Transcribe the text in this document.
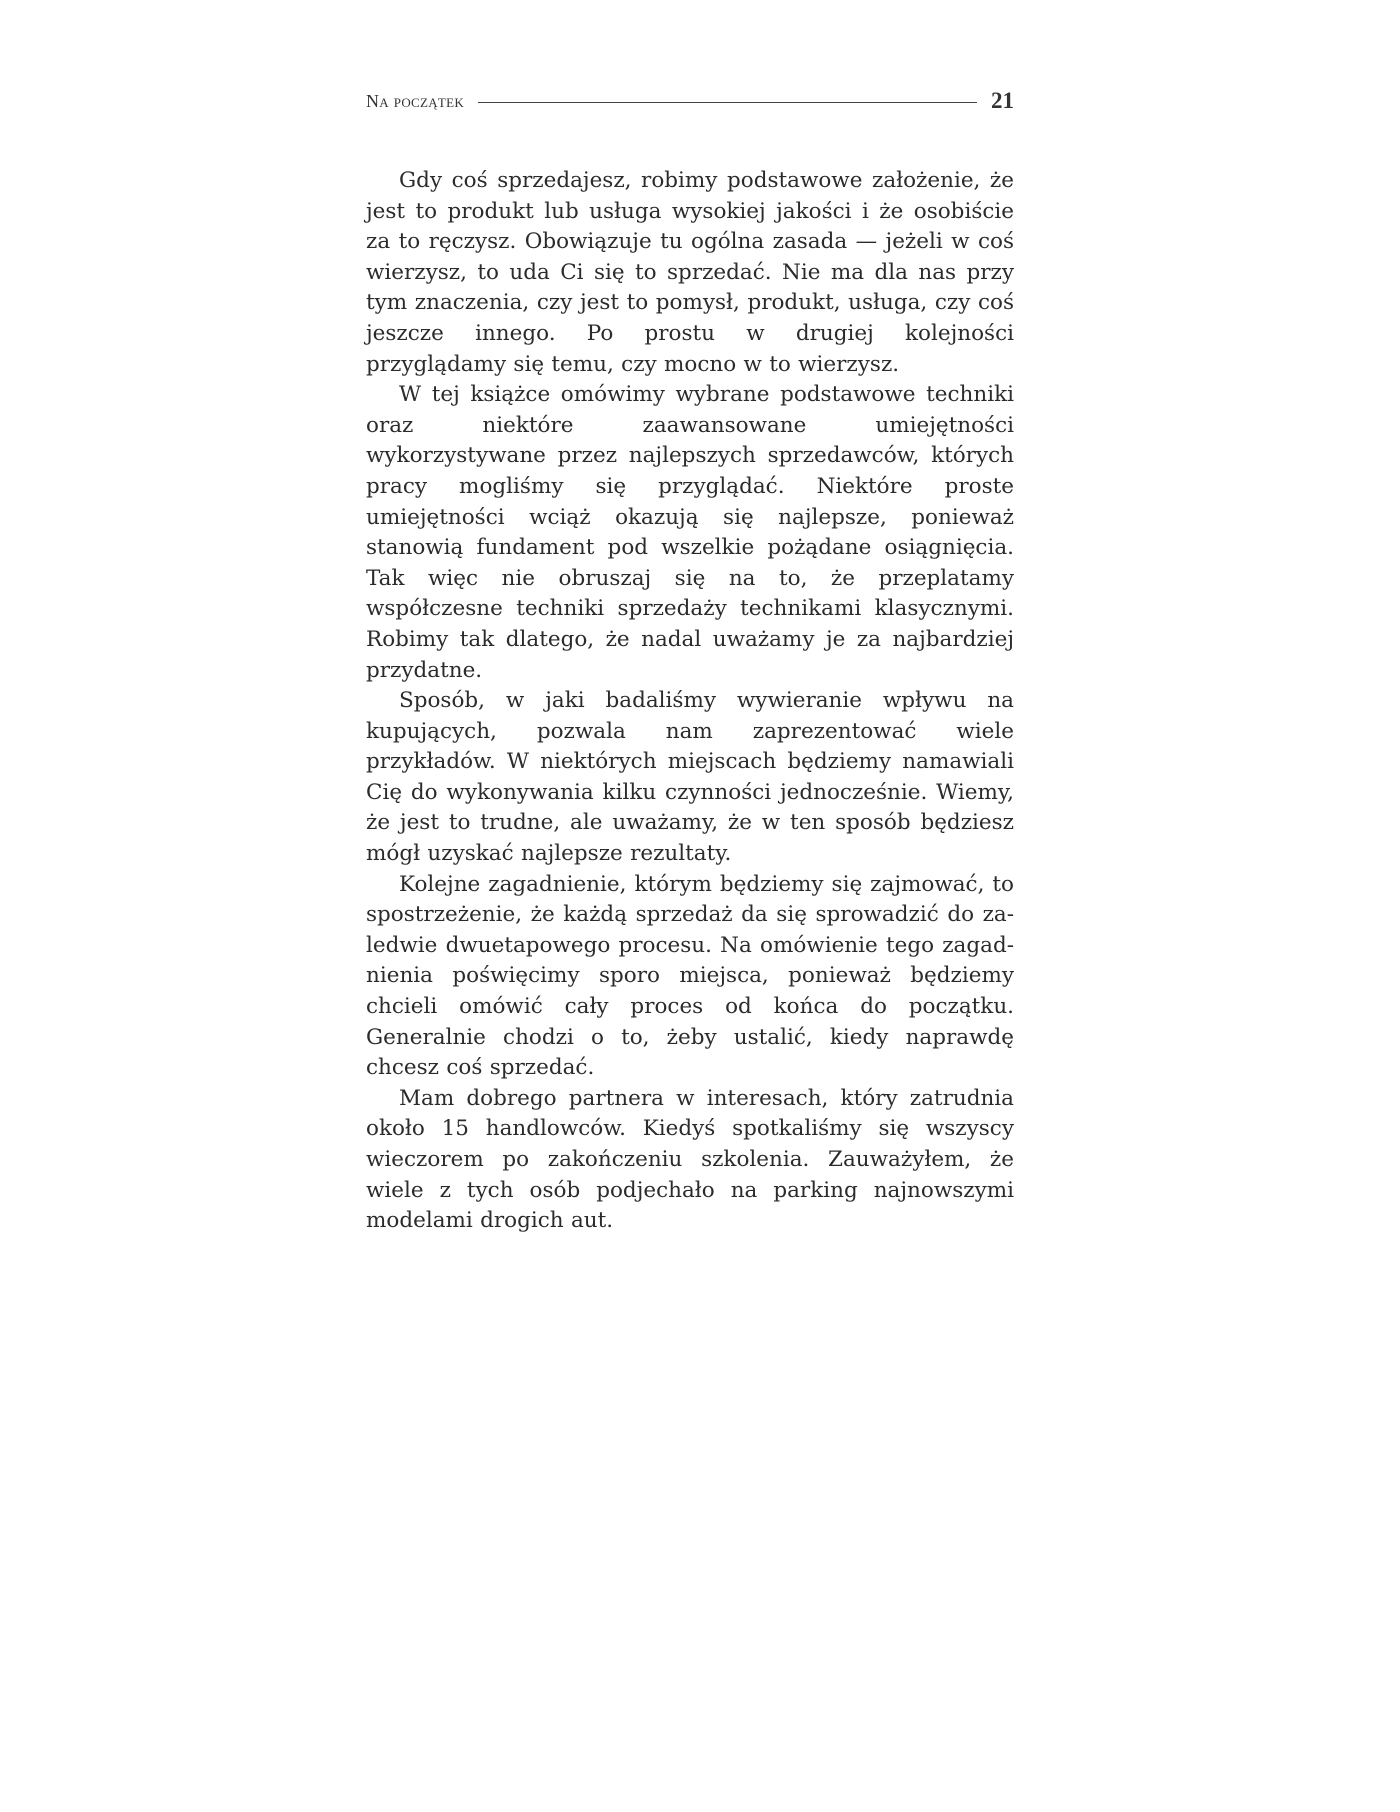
Na początek	21

Gdy coś sprzedajesz, robimy podstawowe założenie, że jest to produkt lub usługa wysokiej jakości i że osobiście za to ręczysz. Obowiązuje tu ogólna zasada — jeżeli w coś wierzysz, to uda Ci się to sprzedać. Nie ma dla nas przy tym znaczenia, czy jest to pomysł, produkt, usługa, czy coś jeszcze innego. Po prostu w drugiej kolejności przyglądamy się temu, czy mocno w to wierzysz.

W tej książce omówimy wybrane podstawowe techniki oraz niektóre zaawansowane umiejętności wykorzystywane przez najlepszych sprzedawców, których pracy mogliśmy się przyglądać. Niektóre proste umiejętności wciąż okazują się najlepsze, ponieważ stanowią fundament pod wszelkie pożądane osiągnięcia. Tak więc nie obruszaj się na to, że przeplatamy współczesne techniki sprzedaży technikami klasycznymi. Robimy tak dlatego, że nadal uważamy je za najbardziej przydatne.

Sposób, w jaki badaliśmy wywieranie wpływu na kupujących, pozwala nam zaprezentować wiele przykładów. W niektórych miejscach będziemy namawiali Cię do wykonywania kilku czynności jednocześnie. Wiemy, że jest to trudne, ale uważamy, że w ten sposób będziesz mógł uzyskać najlepsze rezultaty.

Kolejne zagadnienie, którym będziemy się zajmować, to spostrzeżenie, że każdą sprzedaż da się sprowadzić do zaledwie dwuetapowego procesu. Na omówienie tego zagadnienia poświęcimy sporo miejsca, ponieważ będziemy chcieli omówić cały proces od końca do początku. Generalnie chodzi o to, żeby ustalić, kiedy naprawdę chcesz coś sprzedać.

Mam dobrego partnera w interesach, który zatrudnia około 15 handlowców. Kiedyś spotkaliśmy się wszyscy wieczorem po zakończeniu szkolenia. Zauważyłem, że wiele z tych osób podjechało na parking najnowszymi modelami drogich aut.
